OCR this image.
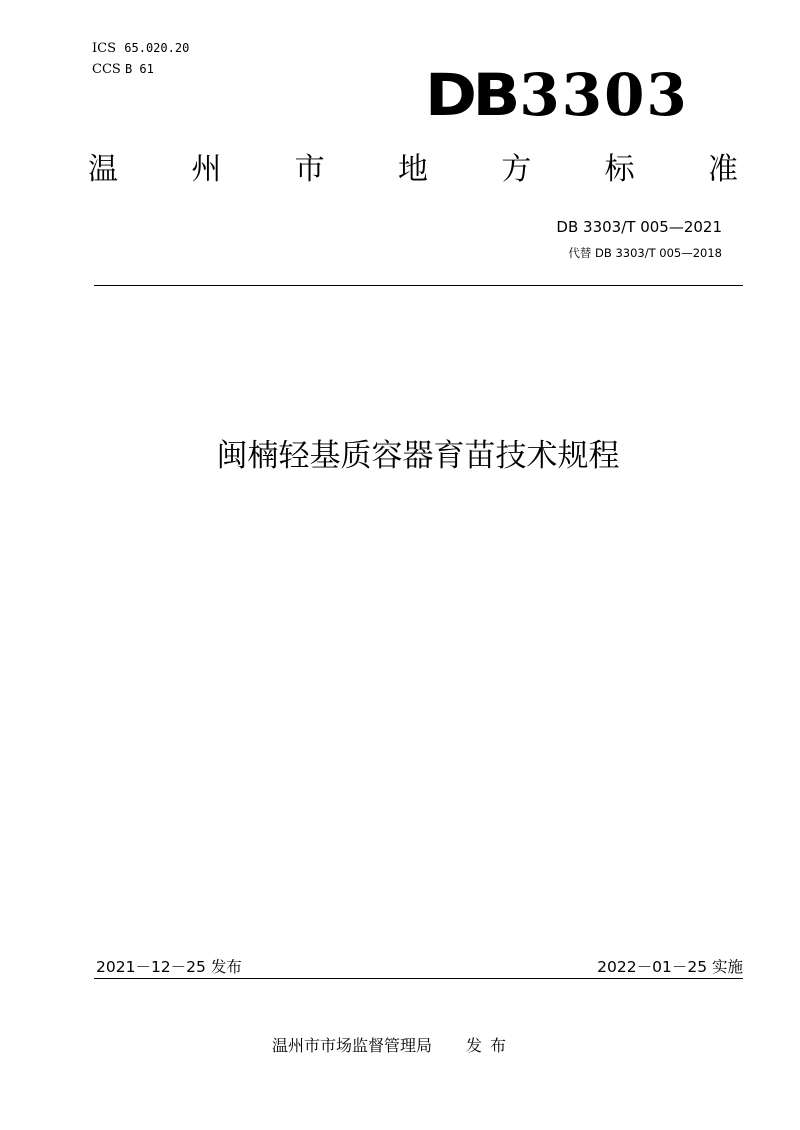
ICS 65.020.20
CCS B 61	DB3303
温 州 市 地 方 标 准
DB 3303/T 005—2021
代替 DB 3303/T 005—2018
闽楠轻基质容器育苗技术规程
2021－12－25 发布	2022－01－25 实施
温州市市场监督管理局 发布
